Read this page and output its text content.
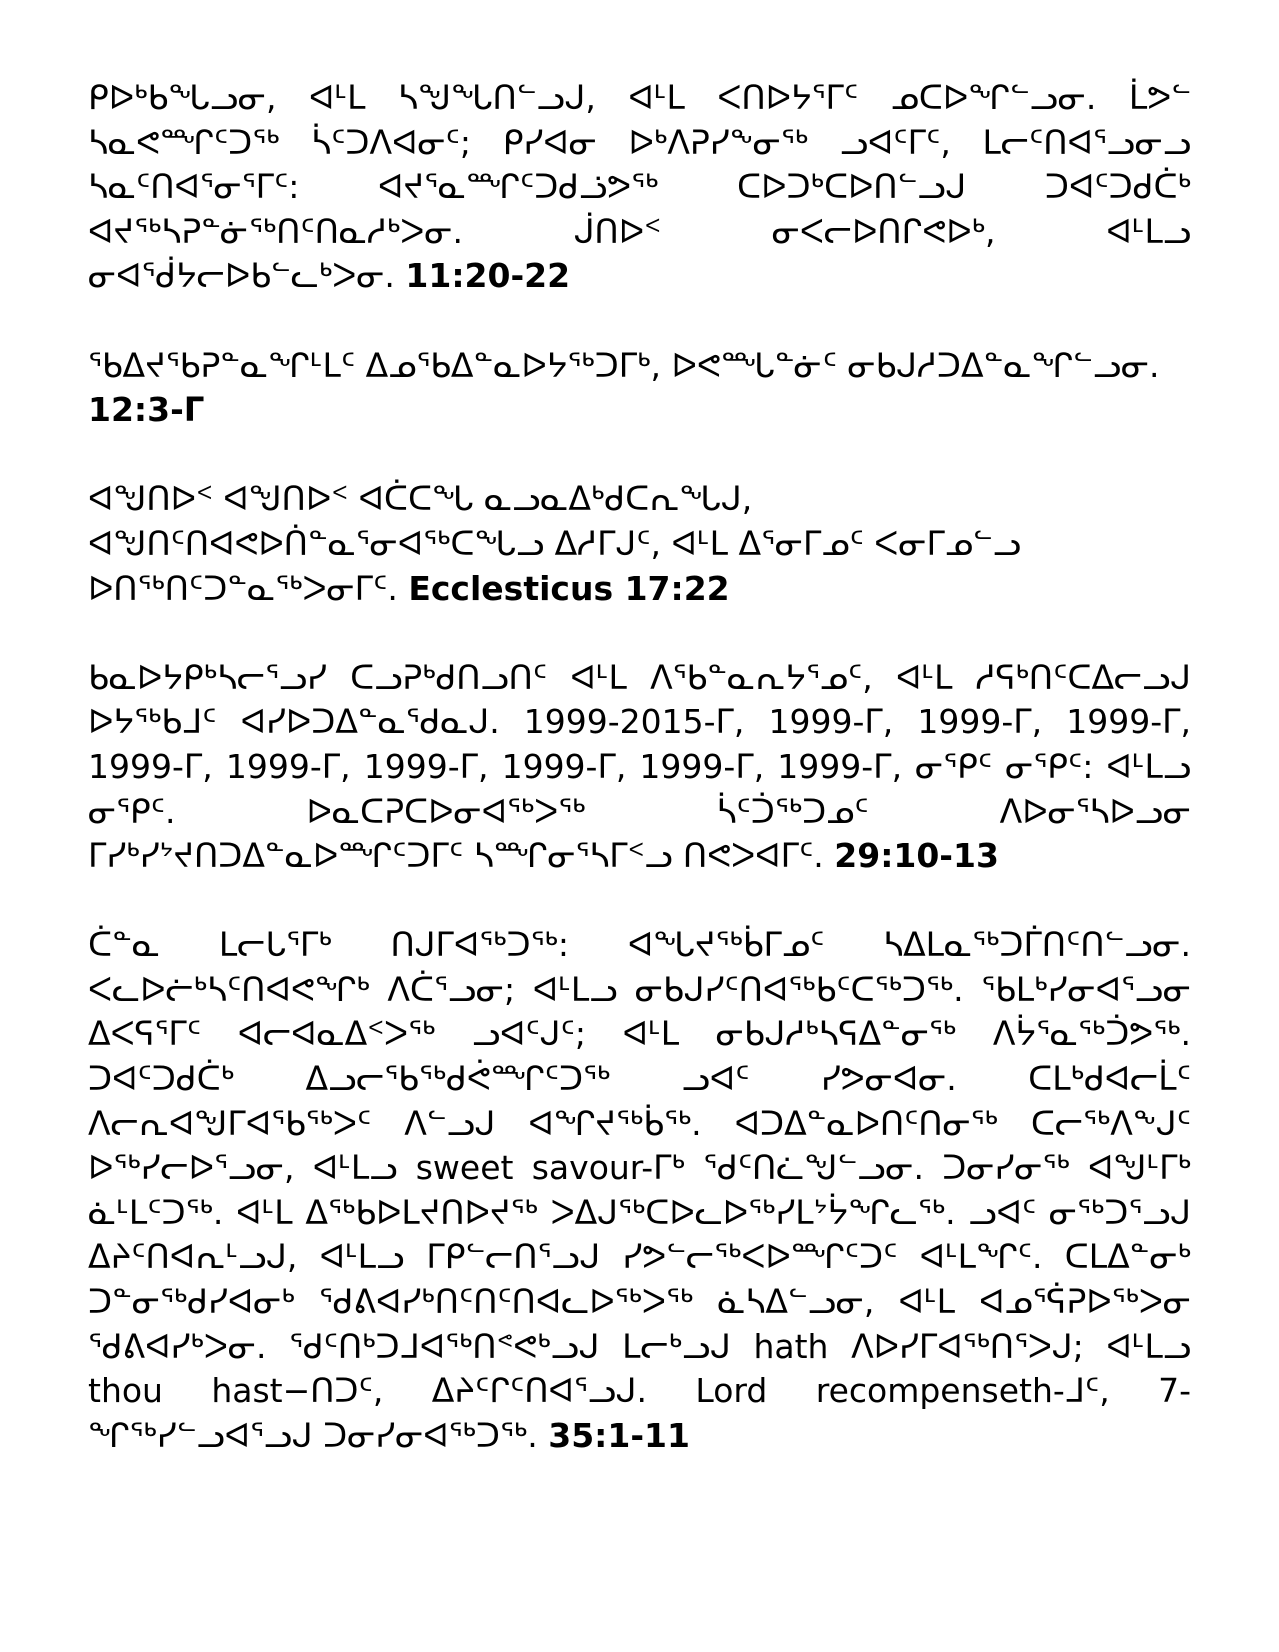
ᑭᐅᒃᑲᖓᓗᓂ, ᐊᒻᒪ ᓴᖑᖓᑎᓪᓗᒍ, ᐊᒻᒪ ᐸᑎᐅᔭᕐᒥᑦ ᓄᑕᐅᖏᓪᓗᓂ. ᒫᕗᓪ ᓴᓇᕙᙱᑦᑐᖅ ᓵᑦᑐᐱᐊᓂᑦ; ᑭᓯᐊᓂ ᐅᒃᐱᕈᓯᖕᓂᖅ ᓗᐊᑦᒥᑦ, ᒪᓕᑦᑎᐊᕐᓗᓂᓗ ᓴᓇᑦᑎᐊᕐᓂᕐᒥᑦ: ᐊᔪᕐᓇᙱᑦᑐᑯᓘᕗᖅ ᑕᐅᑐᒃᑕᐅᑎᓪᓗᒍ ᑐᐊᑦᑐᑯᑖᒃ ᐊᔪᖅᓴᕈᓐᓃᖅᑎᑦᑎᓇᓱᒃᐳᓂ. ᒎᑎᐅᑉ ᓂᐸᓕᐅᑎᒋᕙᐅᒃ, ᐊᒻᒪᓗ ᓂᐊᕐᑰᔭᓕᐅᑲᓪᓚᒃᐳᓂ. 11:20-22

ᖃᐃᔪᖃᕈᓐᓇᖏᒻᒪᑦ ᐃᓄᖃᐃᓐᓇᐅᔭᖅᑐᒥᒃ, ᐅᕙᙵᓐᓃᑦ ᓂᑲᒍᓱᑐᐃᓐᓇᖏᓪᓗᓂ. 12:3-ᒥ

ᐊᖑᑎᐅᑉ ᐊᖑᑎᐅᑉ ᐊᑖᑕᖓ ᓇᓗᓇᐃᒃᑯᑕᕆᖓᒍ, ᐊᖑᑎᑦᑎᐊᕙᐅᑏᓐᓇᕐᓂᐊᖅᑕᖓᓗ ᐃᓱᒥᒍᑦ, ᐊᒻᒪ ᐃᕐᓂᒥᓄᑦ ᐸᓂᒥᓄᓪᓗ ᐅᑎᖅᑎᑦᑐᓐᓇᖅᐳᓂᒥᑦ. Ecclesticus 17:22

ᑲᓇᐅᔭᑭᒃᓴᓕᕐᓗᓯ ᑕᓗᕈᒃᑯᑎᓗᑎᑦ ᐊᒻᒪ ᐱᖃᓐᓇᕆᔭᕐᓄᑦ, ᐊᒻᒪ ᓱᕋᒃᑎᑦᑕᐃᓕᓗᒍ ᐅᔭᖅᑲᒧᑦ ᐊᓯᐅᑐᐃᓐᓇᕐᑯᓇᒍ. 1999-2015-ᒥ, 1999-ᒥ, 1999-ᒥ, 1999-ᒥ, 1999-ᒥ, 1999-ᒥ, 1999-ᒥ, 1999-ᒥ, 1999-ᒥ, 1999-ᒥ, ᓂᕿᑦ ᓂᕿᑦ: ᐊᒻᒪᓗ ᓂᕿᑦ. ᐅᓇᑕᕈᑕᐅᓂᐊᖅᐳᖅ ᓵᑦᑑᖅᑐᓄᑦ ᐱᐅᓂᕐᓴᐅᓗᓂ ᒥᓯᒃᓯᔾᔪᑎᑐᐃᓐᓇᐅᙱᑦᑐᒥᑦ ᓴᙱᓂᕐᓴᒥᑉᓗ ᑎᕙᐳᐊᒥᑦ. 29:10-13

ᑖᓐᓇ ᒪᓕᒐᕐᒥᒃ ᑎᒍᒥᐊᖅᑐᖅ: ᐊᖓᔪᖅᑳᒥᓄᑦ ᓴᐃᒪᓇᖅᑐᒦᑎᑦᑎᓪᓗᓂ. ᐸᓚᐅᓖᒃᓴᑦᑎᐊᕙᖏᒃ ᐱᑖᕐᓗᓂ; ᐊᒻᒪᓗ ᓂᑲᒍᓯᑦᑎᐊᖅᑲᑦᑕᖅᑐᖅ. ᖃᒪᒃᓯᓂᐊᕐᓗᓂ ᐃᐸᕋᕐᒥᑦ ᐊᓕᐊᓇᐃᑉᐳᖅ ᓗᐊᑦᒍᑦ; ᐊᒻᒪ ᓂᑲᒍᓱᒃᓴᕋᐃᓐᓂᖅ ᐱᔮᕐᓇᖅᑑᕗᖅ. ᑐᐊᑦᑐᑯᑖᒃ ᐃᓗᓕᖃᖅᑯᕚᙱᑦᑐᖅ ᓗᐊᑦ ᓯᕗᓂᐊᓂ. ᑕᒪᒃᑯᐊᓕᒫᑦ ᐱᓕᕆᐊᖑᒥᐊᖃᖅᐳᑦ ᐱᓪᓗᒍ ᐊᖏᔪᖅᑳᖅ. ᐊᑐᐃᓐᓇᐅᑎᑦᑎᓂᖅ ᑕᓕᖅᐱᖕᒍᑦ ᐅᖅᓯᓕᐅᕐᓗᓂ, ᐊᒻᒪᓗ sweet savour-ᒥᒃ ᖁᑦᑎᓛᖑᓪᓗᓂ. ᑐᓂᓯᓂᖅ ᐊᖑᒻᒥᒃ ᓈᒻᒪᑦᑐᖅ. ᐊᒻᒪ ᐃᖅᑲᐅᒪᔪᑎᐅᔪᖅ ᐳᐃᒍᖅᑕᐅᓚᐅᖅᓯᒪᔾᔮᖏᓚᖅ. ᓗᐊᑦ ᓂᖅᑐᕐᓗᒍ ᐃᔨᑦᑎᐊᕆᒻᓗᒍ, ᐊᒻᒪᓗ ᒥᑭᓪᓕᑎᕐᓗᒍ ᓯᕗᓪᓕᖅᐸᐅᙱᑦᑐᑦ ᐊᒻᒪᖏᑦ. ᑕᒪᐃᓐᓂᒃ ᑐᓐᓂᖅᑯᓯᐊᓂᒃ ᖁᕕᐊᓯᒃᑎᑦᑎᑦᑎᐊᓚᐅᖅᐳᖅ ᓈᓴᐃᓪᓗᓂ, ᐊᒻᒪ ᐊᓄᕐᕌᕈᐅᖅᐳᓂ ᖁᕕᐊᓯᒃᐳᓂ. ᖁᑦᑎᒃᑐᒧᐊᖅᑎᕝᕙᒃᓗᒍ ᒪᓕᒃᓗᒍ hath ᐱᐅᓯᒥᐊᖅᑎᕐᐳᒍ; ᐊᒻᒪᓗ thou hast−ᑎᑐᑦ, ᐃᔨᑦᒋᑦᑎᐊᕐᓗᒍ. Lord recompenseth-ᒧᑦ, 7-ᖏᖅᓯᓪᓗᐊᕐᓗᒍ ᑐᓂᓯᓂᐊᖅᑐᖅ. 35:1-11
